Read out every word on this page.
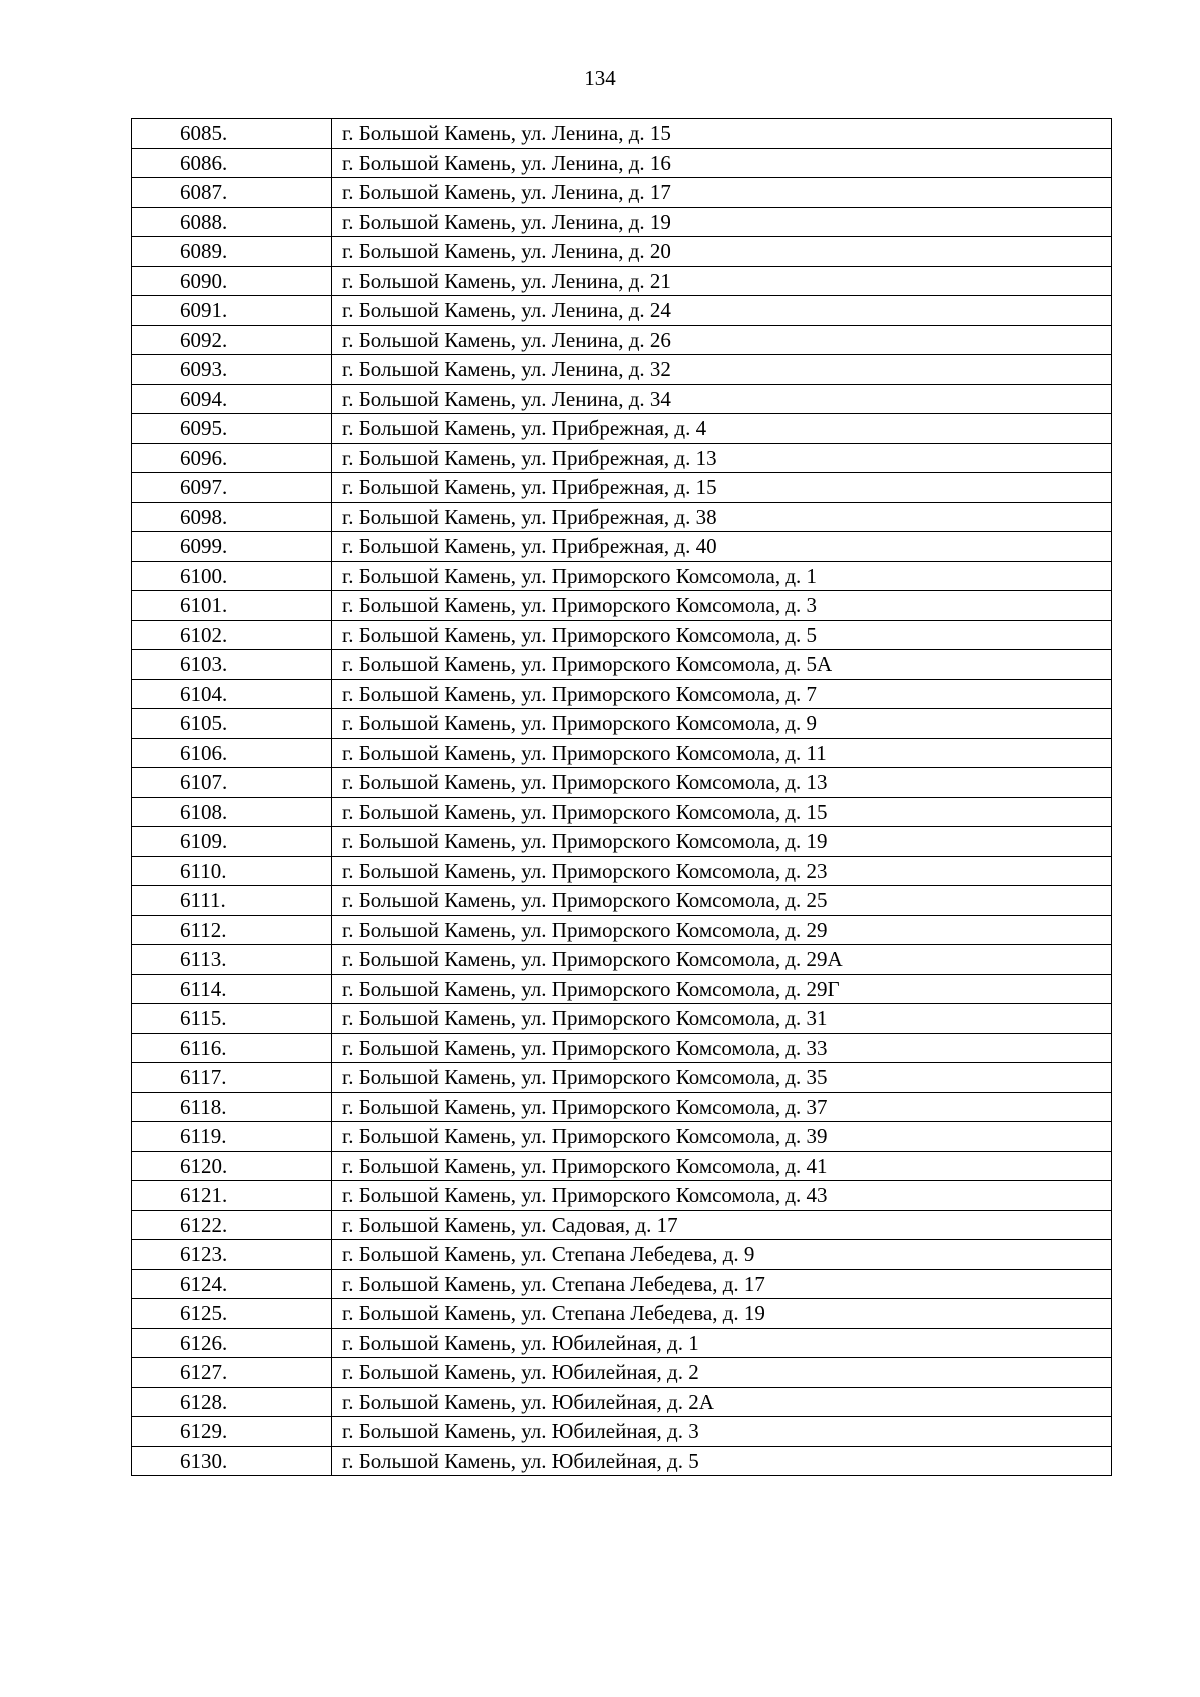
134
6085.	г. Большой Камень, ул. Ленина, д. 15
6086.	г. Большой Камень, ул. Ленина, д. 16
6087.	г. Большой Камень, ул. Ленина, д. 17
6088.	г. Большой Камень, ул. Ленина, д. 19
6089.	г. Большой Камень, ул. Ленина, д. 20
6090.	г. Большой Камень, ул. Ленина, д. 21
6091.	г. Большой Камень, ул. Ленина, д. 24
6092.	г. Большой Камень, ул. Ленина, д. 26
6093.	г. Большой Камень, ул. Ленина, д. 32
6094.	г. Большой Камень, ул. Ленина, д. 34
6095.	г. Большой Камень, ул. Прибрежная, д. 4
6096.	г. Большой Камень, ул. Прибрежная, д. 13
6097.	г. Большой Камень, ул. Прибрежная, д. 15
6098.	г. Большой Камень, ул. Прибрежная, д. 38
6099.	г. Большой Камень, ул. Прибрежная, д. 40
6100.	г. Большой Камень, ул. Приморского Комсомола, д. 1
6101.	г. Большой Камень, ул. Приморского Комсомола, д. 3
6102.	г. Большой Камень, ул. Приморского Комсомола, д. 5
6103.	г. Большой Камень, ул. Приморского Комсомола, д. 5А
6104.	г. Большой Камень, ул. Приморского Комсомола, д. 7
6105.	г. Большой Камень, ул. Приморского Комсомола, д. 9
6106.	г. Большой Камень, ул. Приморского Комсомола, д. 11
6107.	г. Большой Камень, ул. Приморского Комсомола, д. 13
6108.	г. Большой Камень, ул. Приморского Комсомола, д. 15
6109.	г. Большой Камень, ул. Приморского Комсомола, д. 19
6110.	г. Большой Камень, ул. Приморского Комсомола, д. 23
6111.	г. Большой Камень, ул. Приморского Комсомола, д. 25
6112.	г. Большой Камень, ул. Приморского Комсомола, д. 29
6113.	г. Большой Камень, ул. Приморского Комсомола, д. 29А
6114.	г. Большой Камень, ул. Приморского Комсомола, д. 29Г
6115.	г. Большой Камень, ул. Приморского Комсомола, д. 31
6116.	г. Большой Камень, ул. Приморского Комсомола, д. 33
6117.	г. Большой Камень, ул. Приморского Комсомола, д. 35
6118.	г. Большой Камень, ул. Приморского Комсомола, д. 37
6119.	г. Большой Камень, ул. Приморского Комсомола, д. 39
6120.	г. Большой Камень, ул. Приморского Комсомола, д. 41
6121.	г. Большой Камень, ул. Приморского Комсомола, д. 43
6122.	г. Большой Камень, ул. Садовая, д. 17
6123.	г. Большой Камень, ул. Степана Лебедева, д. 9
6124.	г. Большой Камень, ул. Степана Лебедева, д. 17
6125.	г. Большой Камень, ул. Степана Лебедева, д. 19
6126.	г. Большой Камень, ул. Юбилейная, д. 1
6127.	г. Большой Камень, ул. Юбилейная, д. 2
6128.	г. Большой Камень, ул. Юбилейная, д. 2А
6129.	г. Большой Камень, ул. Юбилейная, д. 3
6130.	г. Большой Камень, ул. Юбилейная, д. 5
